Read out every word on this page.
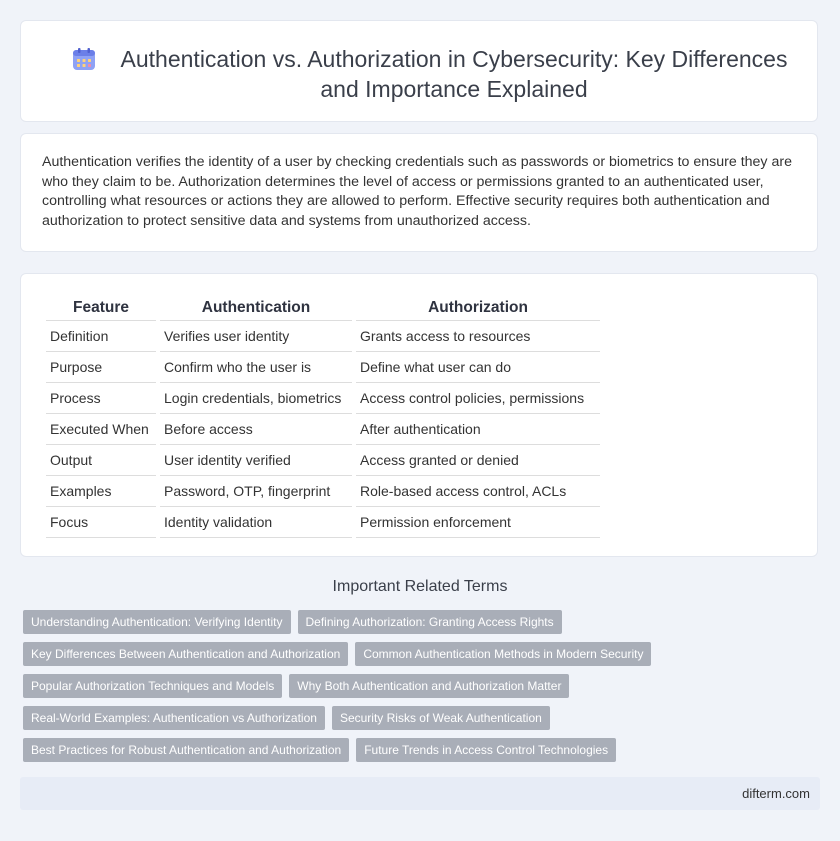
Authentication vs. Authorization in Cybersecurity: Key Differences and Importance Explained
Authentication verifies the identity of a user by checking credentials such as passwords or biometrics to ensure they are who they claim to be. Authorization determines the level of access or permissions granted to an authenticated user, controlling what resources or actions they are allowed to perform. Effective security requires both authentication and authorization to protect sensitive data and systems from unauthorized access.
Feature	Authentication	Authorization
Definition	Verifies user identity	Grants access to resources
Purpose	Confirm who the user is	Define what user can do
Process	Login credentials, biometrics	Access control policies, permissions
Executed When	Before access	After authentication
Output	User identity verified	Access granted or denied
Examples	Password, OTP, fingerprint	Role-based access control, ACLs
Focus	Identity validation	Permission enforcement
Important Related Terms
Understanding Authentication: Verifying Identity	Defining Authorization: Granting Access Rights
Key Differences Between Authentication and Authorization	Common Authentication Methods in Modern Security
Popular Authorization Techniques and Models	Why Both Authentication and Authorization Matter
Real-World Examples: Authentication vs Authorization	Security Risks of Weak Authentication
Best Practices for Robust Authentication and Authorization	Future Trends in Access Control Technologies
difterm.com
